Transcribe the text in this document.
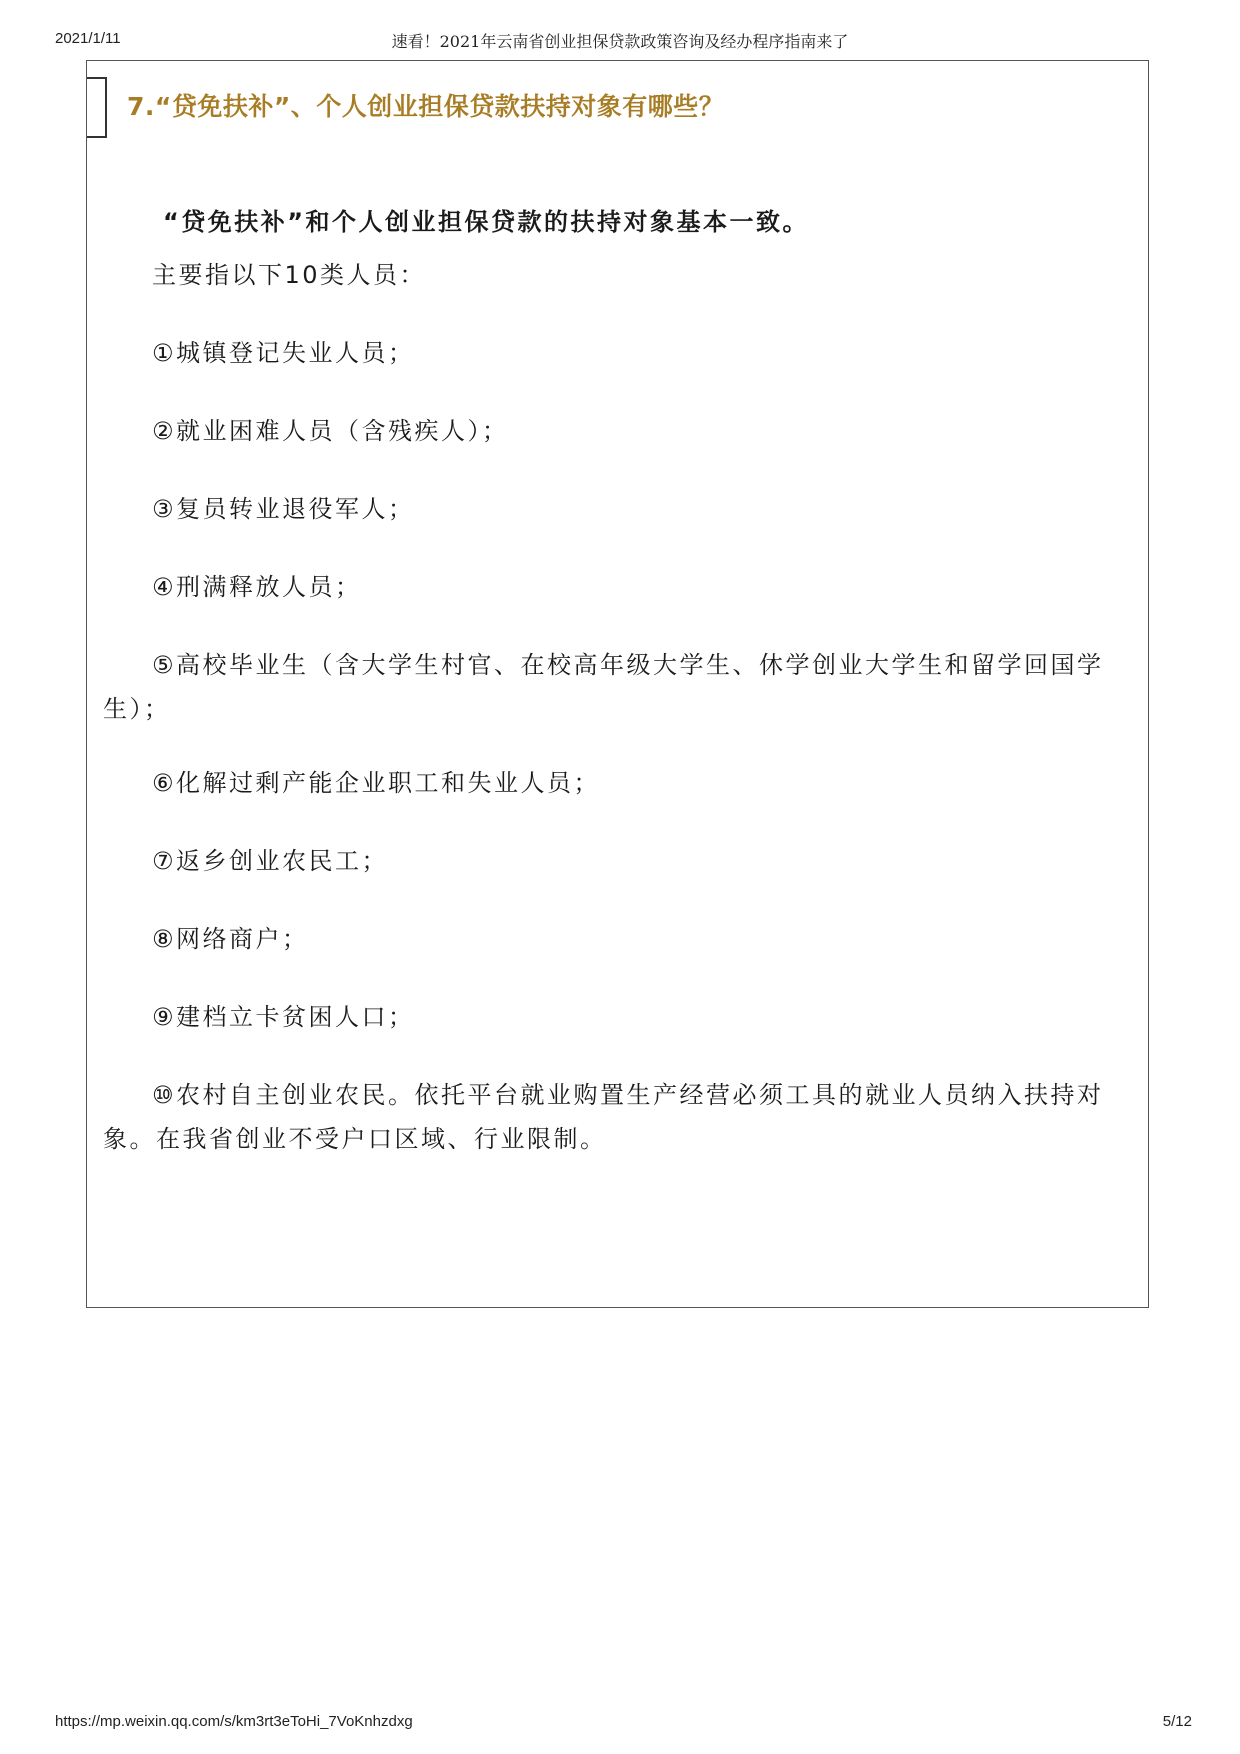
2021/1/11	速看！2021年云南省创业担保贷款政策咨询及经办程序指南来了
7.“贷免扶补”、个人创业担保贷款扶持对象有哪些？
“贷免扶补”和个人创业担保贷款的扶持对象基本一致。
主要指以下10类人员：
①城镇登记失业人员；
②就业困难人员（含残疾人）；
③复员转业退役军人；
④刑满释放人员；
⑤高校毕业生（含大学生村官、在校高年级大学生、休学创业大学生和留学回国学生）；
⑥化解过剩产能企业职工和失业人员；
⑦返乡创业农民工；
⑧网络商户；
⑨建档立卡贫困人口；
⑩农村自主创业农民。依托平台就业购置生产经营必须工具的就业人员纳入扶持对象。在我省创业不受户口区域、行业限制。
https://mp.weixin.qq.com/s/km3rt3eToHi_7VoKnhzdxg	5/12
